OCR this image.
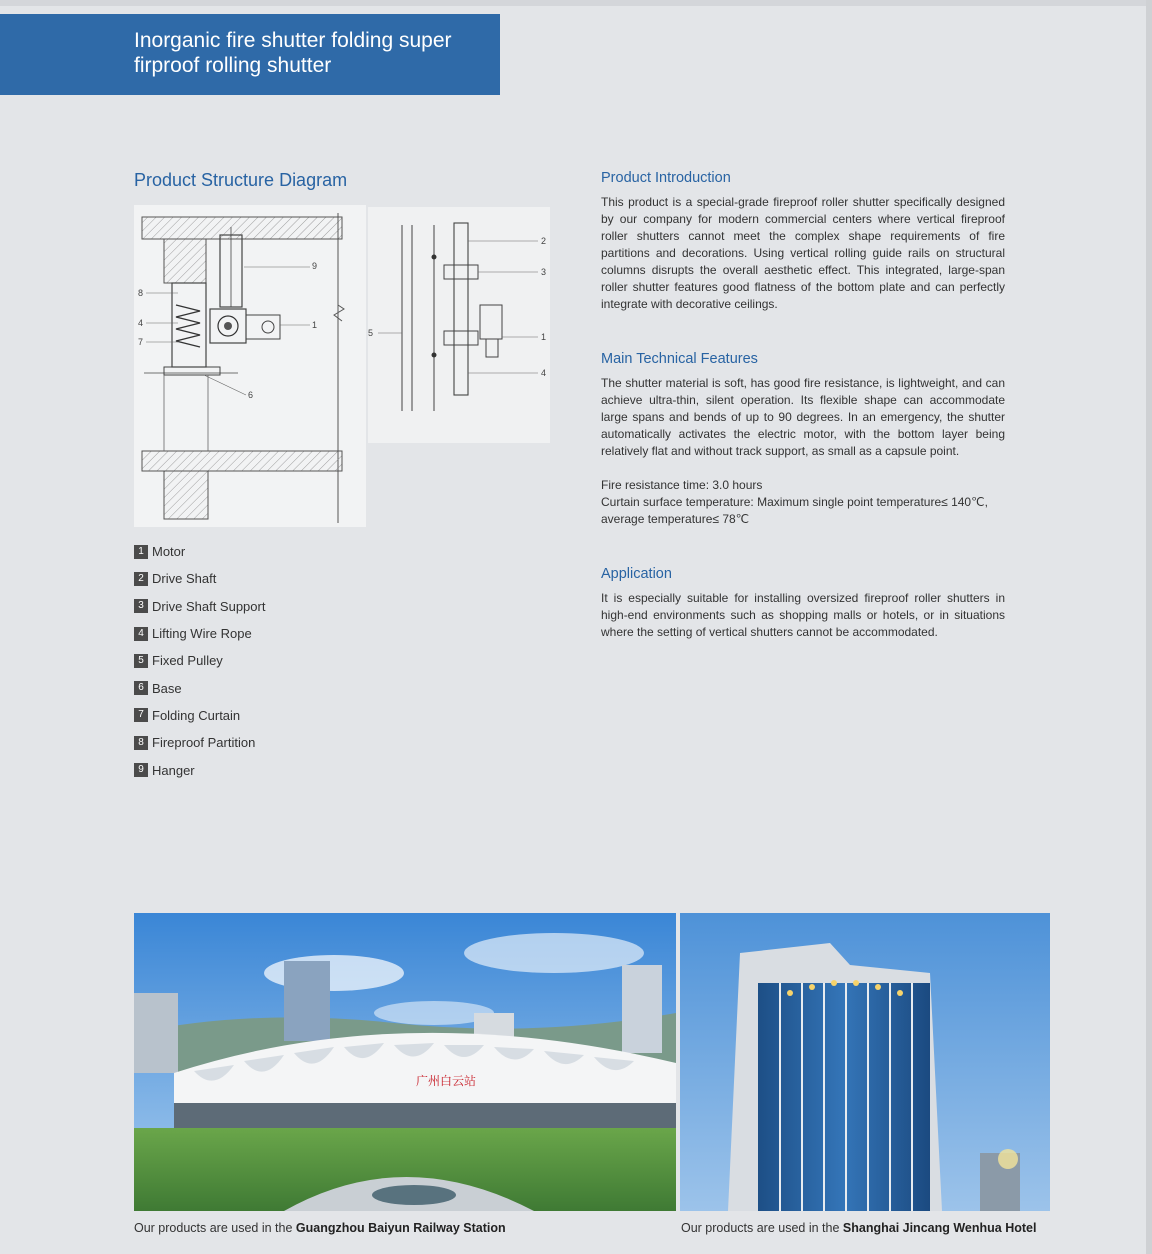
Inorganic fire shutter folding super firproof rolling shutter
Product Structure Diagram
9
8
4
7
1
6
2
3
5	1
4
1 Motor
2 Drive Shaft
3 Drive Shaft Support
4 Lifting Wire Rope
5 Fixed Pulley
6 Base
7 Folding Curtain
8 Fireproof Partition
9 Hanger
Product Introduction
This product is a special-grade fireproof roller shutter specifically designed by our company for modern commercial centers where vertical fireproof roller shutters cannot meet the complex shape requirements of fire partitions and decorations. Using vertical rolling guide rails on structural columns disrupts the overall aesthetic effect. This integrated, large-span roller shutter features good flatness of the bottom plate and can perfectly integrate with decorative ceilings.
Main Technical Features
The shutter material is soft, has good fire resistance, is lightweight, and can achieve ultra-thin, silent operation. Its flexible shape can accommodate large spans and bends of up to 90 degrees. In an emergency, the shutter automatically activates the electric motor, with the bottom layer being relatively flat and without track support, as small as a capsule point.
Fire resistance time: 3.0 hours
Curtain surface temperature: Maximum single point temperature≤ 140℃, average temperature≤ 78℃
Application
It is especially suitable for installing oversized fireproof roller shutters in high-end environments such as shopping malls or hotels, or in situations where the setting of vertical shutters cannot be accommodated.
广州白云站
Our products are used in the Guangzhou Baiyun Railway Station	Our products are used in the Shanghai Jincang Wenhua Hotel
